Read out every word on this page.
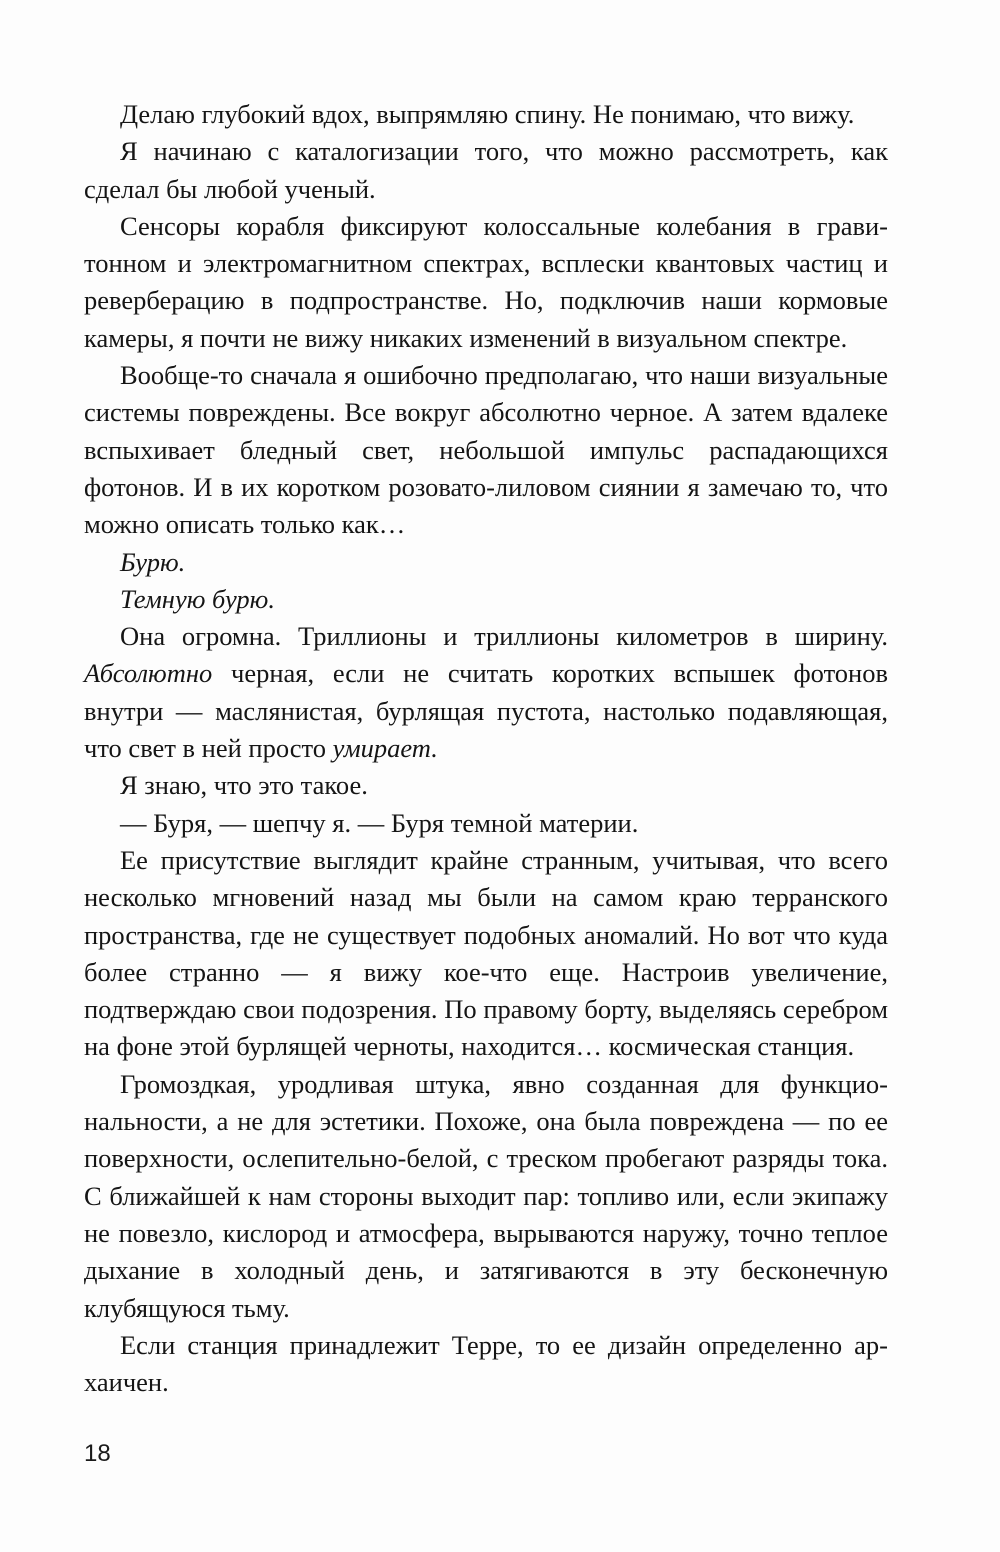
Делаю глубокий вдох, выпрямляю спину. Не понимаю, что вижу.

Я начинаю с каталогизации того, что можно рассмотреть, как сделал бы любой ученый.

Сенсоры корабля фиксируют колоссальные колебания в гравитонном и электромагнитном спектрах, всплески квантовых частиц и реверберацию в подпространстве. Но, подключив наши кормовые камеры, я почти не вижу никаких изменений в визуальном спектре.

Вообще-то сначала я ошибочно предполагаю, что наши визуальные системы повреждены. Все вокруг абсолютно черное. А затем вдалеке вспыхивает бледный свет, небольшой импульс распадающихся фотонов. И в их коротком розовато-лиловом сиянии я замечаю то, что можно описать только как…

Бурю.

Темную бурю.

Она огромна. Триллионы и триллионы километров в ширину. Абсолютно черная, если не считать коротких вспышек фотонов внутри — маслянистая, бурлящая пустота, настолько подавляющая, что свет в ней просто умирает.

Я знаю, что это такое.

— Буря, — шепчу я. — Буря темной материи.

Ее присутствие выглядит крайне странным, учитывая, что всего несколько мгновений назад мы были на самом краю терранского пространства, где не существует подобных аномалий. Но вот что куда более странно — я вижу кое-что еще. Настроив увеличение, подтверждаю свои подозрения. По правому борту, выделяясь серебром на фоне этой бурлящей черноты, находится… космическая станция.

Громоздкая, уродливая штука, явно созданная для функциональности, а не для эстетики. Похоже, она была повреждена — по ее поверхности, ослепительно-белой, с треском пробегают разряды тока. С ближайшей к нам стороны выходит пар: топливо или, если экипажу не повезло, кислород и атмосфера, вырываются наружу, точно теплое дыхание в холодный день, и затягиваются в эту бесконечную клубящуюся тьму.

Если станция принадлежит Терре, то ее дизайн определенно архаичен.

18
